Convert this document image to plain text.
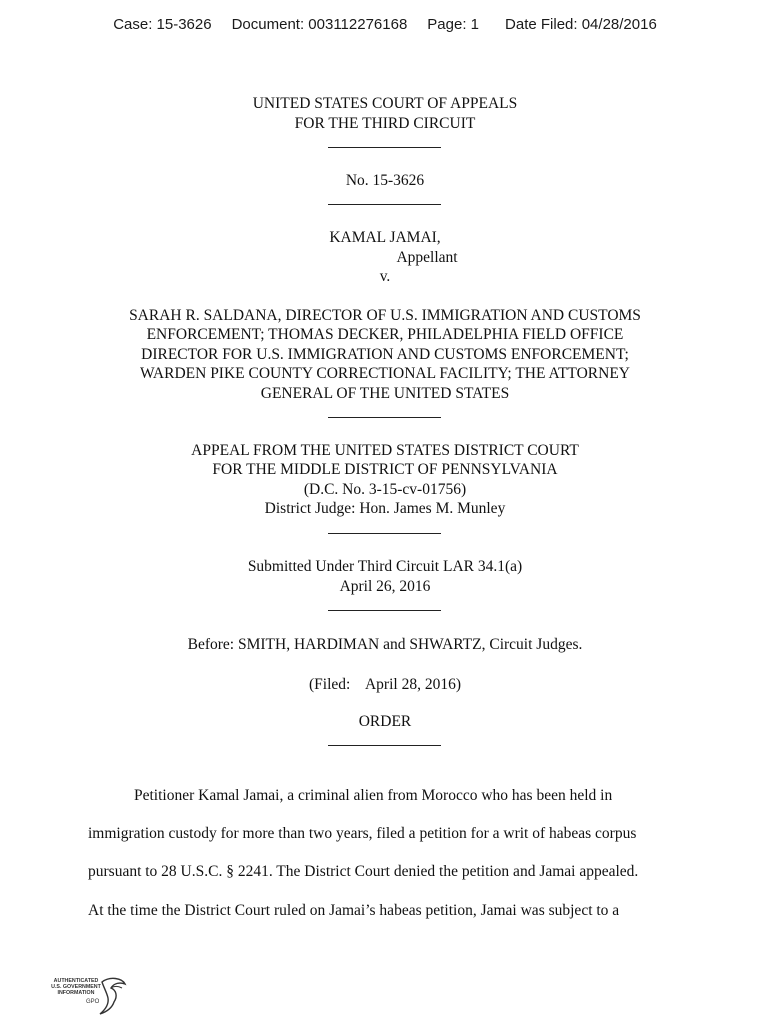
Case: 15-3626 Document: 003112276168 Page: 1 Date Filed: 04/28/2016
UNITED STATES COURT OF APPEALS
FOR THE THIRD CIRCUIT
No. 15-3626
KAMAL JAMAI,
Appellant
v.
SARAH R. SALDANA, DIRECTOR OF U.S. IMMIGRATION AND CUSTOMS
ENFORCEMENT; THOMAS DECKER, PHILADELPHIA FIELD OFFICE
DIRECTOR FOR U.S. IMMIGRATION AND CUSTOMS ENFORCEMENT;
WARDEN PIKE COUNTY CORRECTIONAL FACILITY; THE ATTORNEY
GENERAL OF THE UNITED STATES
APPEAL FROM THE UNITED STATES DISTRICT COURT
FOR THE MIDDLE DISTRICT OF PENNSYLVANIA
(D.C. No. 3-15-cv-01756)
District Judge: Hon. James M. Munley
Submitted Under Third Circuit LAR 34.1(a)
April 26, 2016
Before: SMITH, HARDIMAN and SHWARTZ, Circuit Judges.
(Filed:    April 28, 2016)
ORDER
Petitioner Kamal Jamai, a criminal alien from Morocco who has been held in
immigration custody for more than two years, filed a petition for a writ of habeas corpus
pursuant to 28 U.S.C. § 2241. The District Court denied the petition and Jamai appealed.
At the time the District Court ruled on Jamai’s habeas petition, Jamai was subject to a
AUTHENTICATED
U.S. GOVERNMENT
INFORMATION
GPO
